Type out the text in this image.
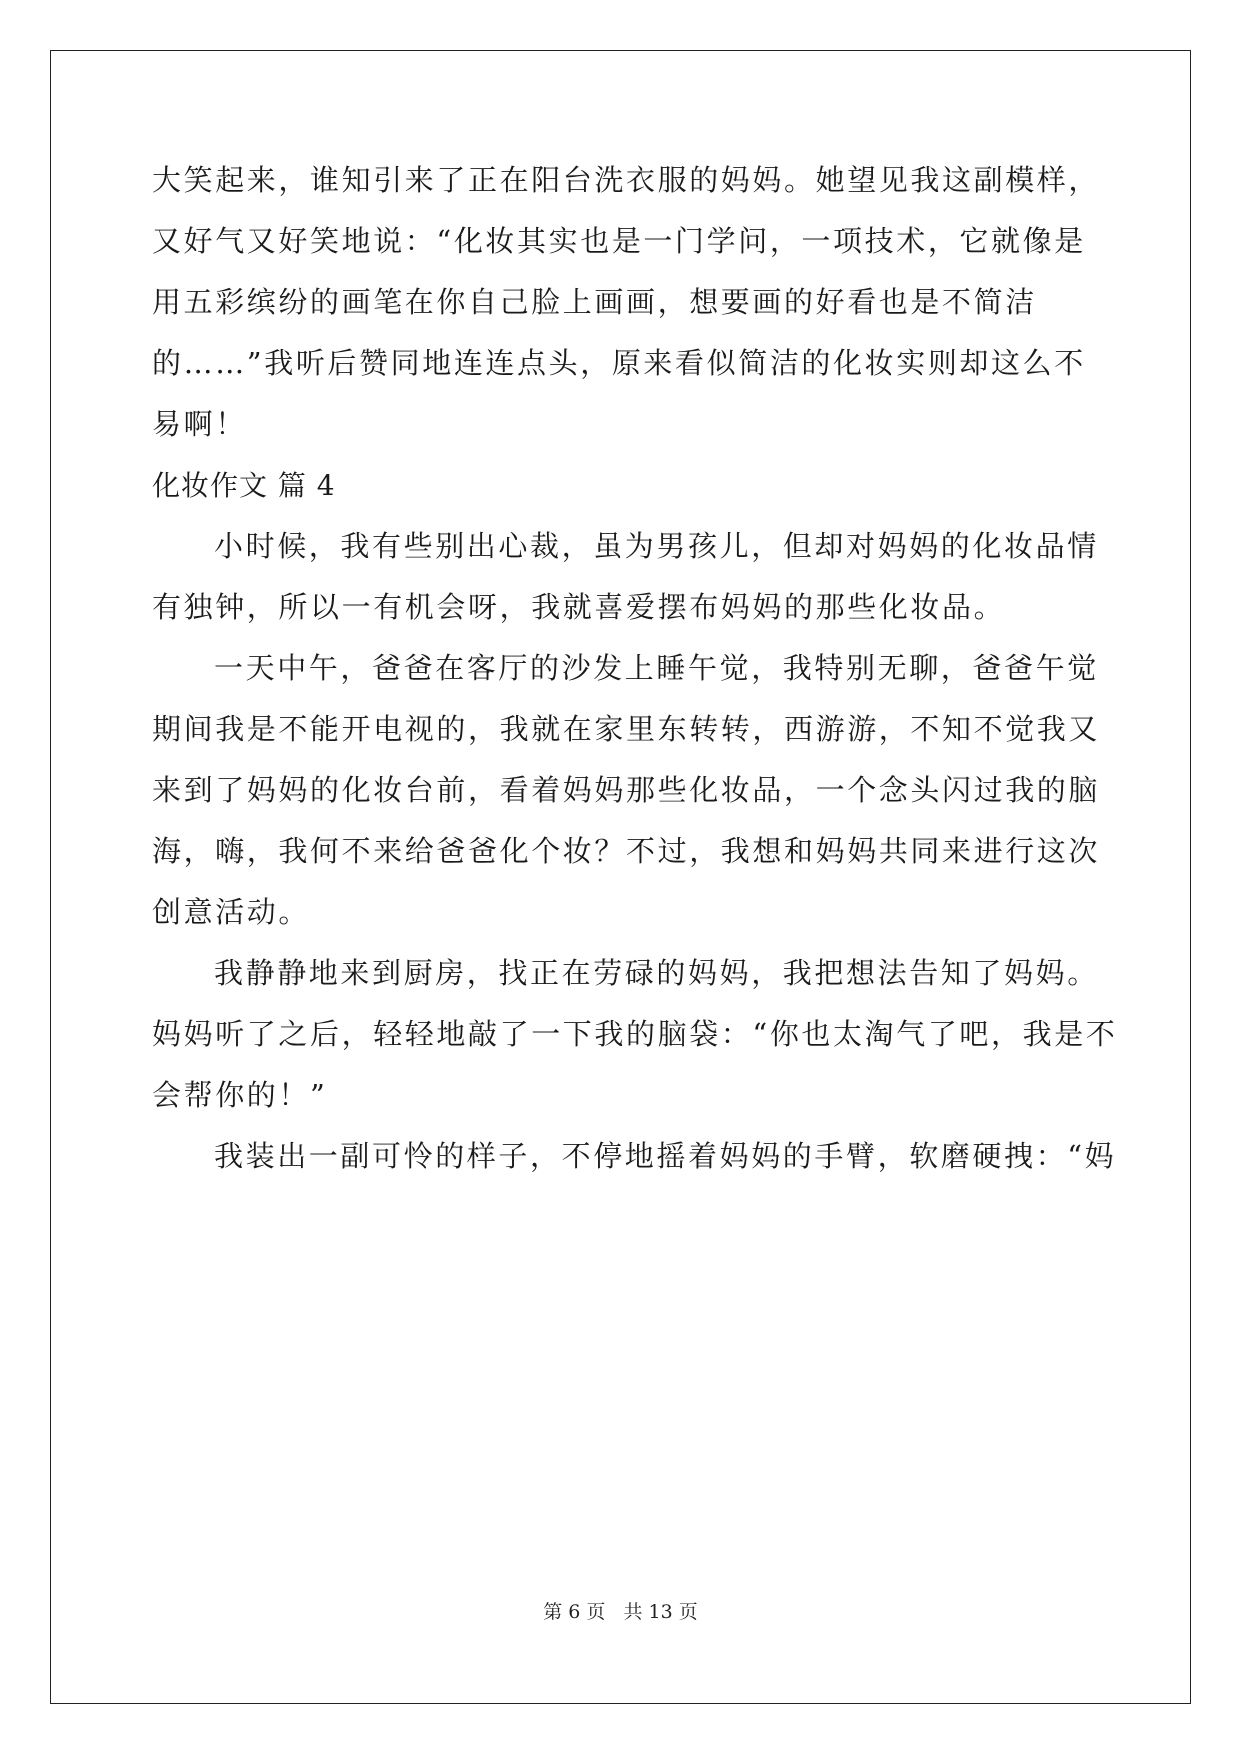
大笑起来，谁知引来了正在阳台洗衣服的妈妈。她望见我这副模样，
又好气又好笑地说：“化妆其实也是一门学问，一项技术，它就像是
用五彩缤纷的画笔在你自己脸上画画，想要画的好看也是不简洁
的……”我听后赞同地连连点头，原来看似简洁的化妆实则却这么不
易啊！
化妆作文 篇 4
小时候，我有些别出心裁，虽为男孩儿，但却对妈妈的化妆品情
有独钟，所以一有机会呀，我就喜爱摆布妈妈的那些化妆品。
一天中午，爸爸在客厅的沙发上睡午觉，我特别无聊，爸爸午觉
期间我是不能开电视的，我就在家里东转转，西游游，不知不觉我又
来到了妈妈的化妆台前，看着妈妈那些化妆品，一个念头闪过我的脑
海，嗨，我何不来给爸爸化个妆？不过，我想和妈妈共同来进行这次
创意活动。
我静静地来到厨房，找正在劳碌的妈妈，我把想法告知了妈妈。
妈妈听了之后，轻轻地敲了一下我的脑袋：“你也太淘气了吧，我是不
会帮你的！”
我装出一副可怜的样子，不停地摇着妈妈的手臂，软磨硬拽：“妈
第 6 页 共 13 页
